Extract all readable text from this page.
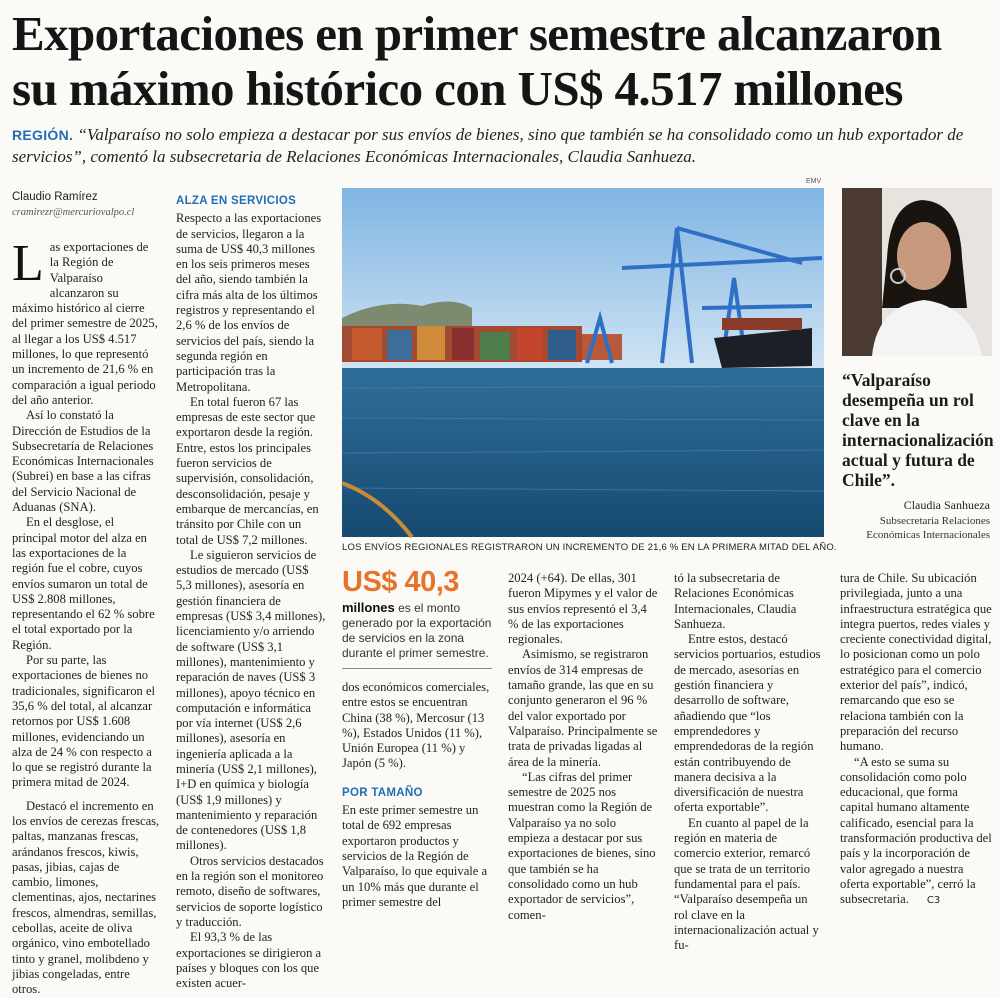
Exportaciones en primer semestre alcanzaron su máximo histórico con US$ 4.517 millones
REGIÓN. “Valparaíso no solo empieza a destacar por sus envíos de bienes, sino que también se ha consolidado como un hub exportador de servicios”, comentó la subsecretaria de Relaciones Económicas Internacionales, Claudia Sanhueza.
Claudio Ramírez
cramirezr@mercuriovalpo.cl

Las exportaciones de la Región de Valparaíso alcanzaron su máximo histórico al cierre del primer semestre de 2025, al llegar a los US$ 4.517 millones, lo que representó un incremento de 21,6 % en comparación a igual periodo del año anterior.

Así lo constató la Dirección de Estudios de la Subsecretaría de Relaciones Económicas Internacionales (Subrei) en base a las cifras del Servicio Nacional de Aduanas (SNA).

En el desglose, el principal motor del alza en las exportaciones de la región fue el cobre, cuyos envíos sumaron un total de US$ 2.808 millones, representando el 62 % sobre el total exportado por la Región.

Por su parte, las exportaciones de bienes no tradicionales, significaron el 35,6 % del total, al alcanzar retornos por US$ 1.608 millones, evidenciando un alza de 24 % con respecto a lo que se registró durante la primera mitad de 2024.

Destacó el incremento en los envíos de cerezas frescas, paltas, manzanas frescas, arándanos frescos, kiwis, pasas, jibias, cajas de cambio, limones, clementinas, ajos, nectarines frescos, almendras, semillas, cebollas, aceite de oliva orgánico, vino embotellado tinto y granel, molibdeno y jibias congeladas, entre otros.

ALZA EN SERVICIOS

Respecto a las exportaciones de servicios, llegaron a la suma de US$ 40,3 millones en los seis primeros meses del año, siendo también la cifra más alta de los últimos registros y representando el 2,6 % de los envíos de servicios del país, siendo la segunda región en participación tras la Metropolitana.

En total fueron 67 las empresas de este sector que exportaron desde la región. Entre, estos los principales fueron servicios de supervisión, consolidación, desconsolidación, pesaje y embarque de mercancías, en tránsito por Chile con un total de US$ 7,2 millones.

Le siguieron servicios de estudios de mercado (US$ 5,3 millones), asesoría en gestión financiera de empresas (US$ 3,4 millones), licenciamiento y/o arriendo de software (US$ 3,1 millones), mantenimiento y reparación de naves (US$ 3 millones), apoyo técnico en computación e informática por vía internet (US$ 2,6 millones), asesoría en ingeniería aplicada a la minería (US$ 2,1 millones), I+D en química y biología (US$ 1,9 millones) y mantenimiento y reparación de contenedores (US$ 1,8 millones).

Otros servicios destacados en la región son el monitoreo remoto, diseño de softwares, servicios de soporte logístico y traducción.

El 93,3 % de las exportaciones se dirigieron a países y bloques con los que existen acuer-

EMV
LOS ENVÍOS REGIONALES REGISTRARON UN INCREMENTO DE 21,6 % EN LA PRIMERA MITAD DEL AÑO.
“Valparaíso desempeña un rol clave en la internacionalización actual y futura de Chile”.
Claudia Sanhueza
Subsecretaria Relaciones Económicas Internacionales
US$ 40,3
millones es el monto generado por la exportación de servicios en la zona durante el primer semestre.

dos económicos comerciales, entre estos se encuentran China (38 %), Mercosur (13 %), Estados Unidos (11 %), Unión Europea (11 %) y Japón (5 %).

POR TAMAÑO

En este primer semestre un total de 692 empresas exportaron productos y servicios de la Región de Valparaíso, lo que equivale a un 10% más que durante el primer semestre del

2024 (+64). De ellas, 301 fueron Mipymes y el valor de sus envíos representó el 3,4 % de las exportaciones regionales.

Asimismo, se registraron envíos de 314 empresas de tamaño grande, las que en su conjunto generaron el 96 % del valor exportado por Valparaíso. Principalmente se trata de privadas ligadas al área de la minería.

“Las cifras del primer semestre de 2025 nos muestran como la Región de Valparaíso ya no solo empieza a destacar por sus exportaciones de bienes, sino que también se ha consolidado como un hub exportador de servicios”, comen-

tó la subsecretaria de Relaciones Económicas Internacionales, Claudia Sanhueza.

Entre estos, destacó servicios portuarios, estudios de mercado, asesorías en gestión financiera y desarrollo de software, añadiendo que “los emprendedores y emprendedoras de la región están contribuyendo de manera decisiva a la diversificación de nuestra oferta exportable”.

En cuanto al papel de la región en materia de comercio exterior, remarcó que se trata de un territorio fundamental para el país. “Valparaíso desempeña un rol clave en la internacionalización actual y fu-

tura de Chile. Su ubicación privilegiada, junto a una infraestructura estratégica que integra puertos, redes viales y creciente conectividad digital, lo posicionan como un polo estratégico para el comercio exterior del país”, indicó, remarcando que eso se relaciona también con la preparación del recurso humano.

“A esto se suma su consolidación como polo educacional, que forma capital humano altamente calificado, esencial para la transformación productiva del país y la incorporación de valor agregado a nuestra oferta exportable”, cerró la subsecretaria. C3
